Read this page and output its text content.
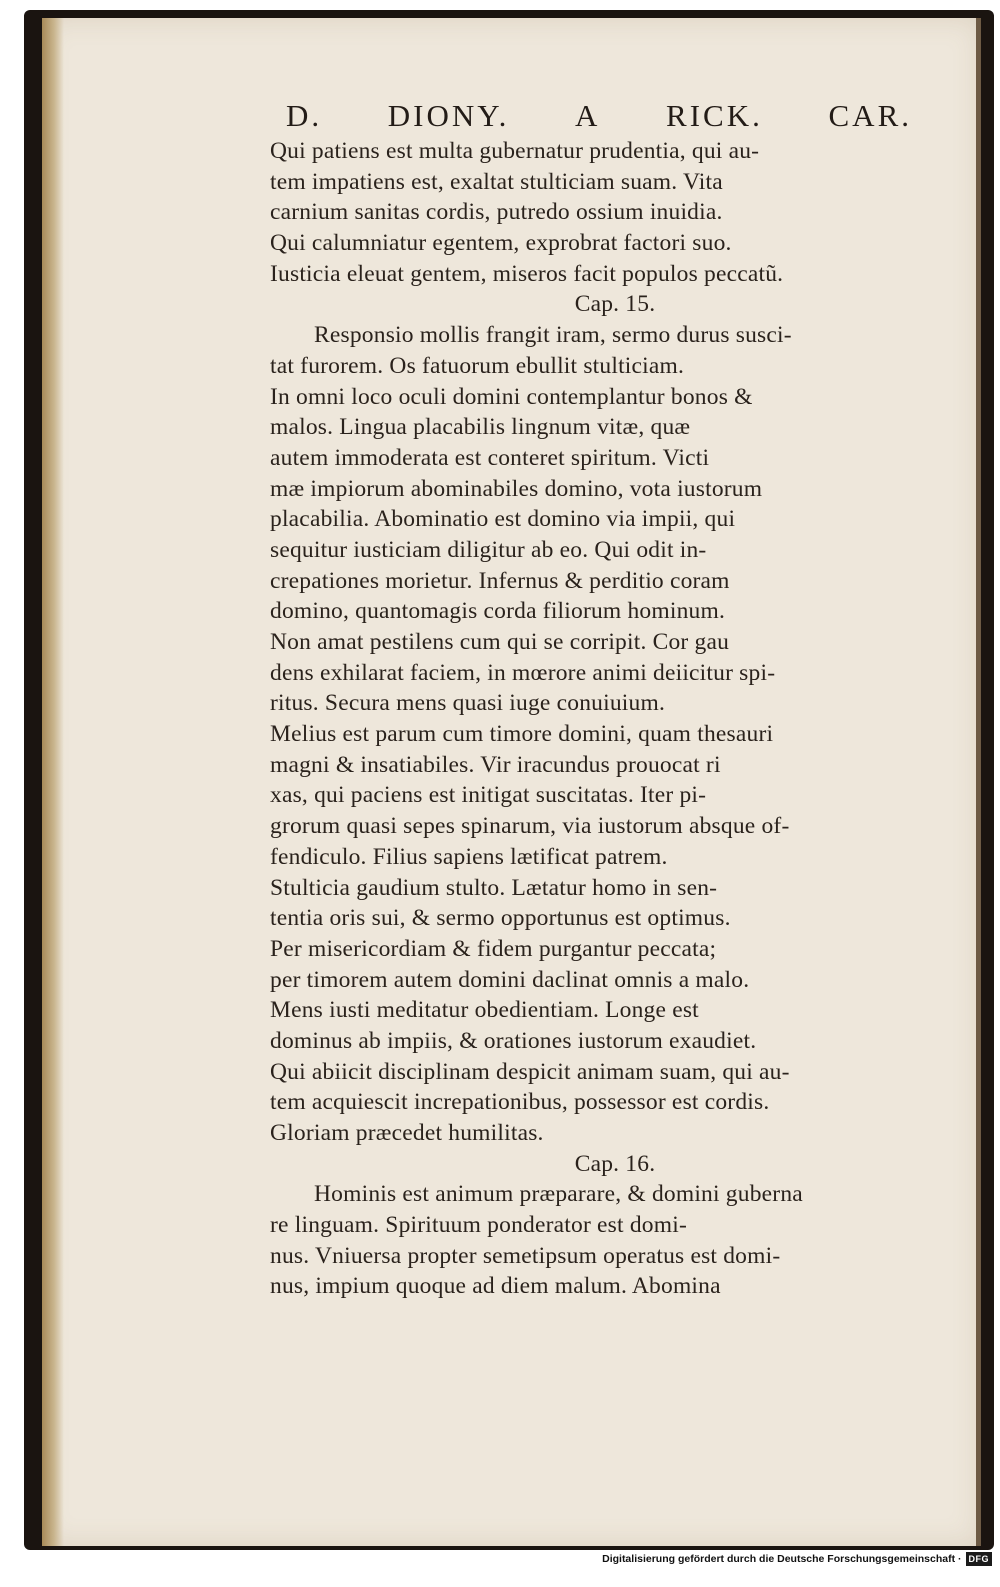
D. DIONY. A RICK. CAR.
Qui patiens est multa gubernatur prudentia, qui au-
tem impatiens est, exaltat stulticiam suam. Vita
carnium sanitas cordis, putredo ossium inuidia.
Qui calumniatur egentem, exprobrat factori suo.
Iusticia eleuat gentem, miseros facit populos peccatũ.
Cap. 15.
Responsio mollis frangit iram, sermo durus susci-
tat furorem. Os fatuorum ebullit stulticiam.
In omni loco oculi domini contemplantur bonos &
malos. Lingua placabilis lingnum vitæ, quæ
autem immoderata est conteret spiritum. Victi
mæ impiorum abominabiles domino, vota iustorum
placabilia. Abominatio est domino via impii, qui
sequitur iusticiam diligitur ab eo. Qui odit in-
crepationes morietur. Infernus & perditio coram
domino, quantomagis corda filiorum hominum.
Non amat pestilens cum qui se corripit. Cor gau
dens exhilarat faciem, in mœrore animi deiicitur spi-
ritus. Secura mens quasi iuge conuiuium.
Melius est parum cum timore domini, quam thesauri
magni & insatiabiles. Vir iracundus prouocat ri
xas, qui paciens est initigat suscitatas. Iter pi-
grorum quasi sepes spinarum, via iustorum absque of-
fendiculo. Filius sapiens lætificat patrem.
Stulticia gaudium stulto. Lætatur homo in sen-
tentia oris sui, & sermo opportunus est optimus.
Per misericordiam & fidem purgantur peccata;
per timorem autem domini daclinat omnis a malo.
Mens iusti meditatur obedientiam. Longe est
dominus ab impiis, & orationes iustorum exaudiet.
Qui abiicit disciplinam despicit animam suam, qui au-
tem acquiescit increpationibus, possessor est cordis.
Gloriam præcedet humilitas.
Cap. 16.
Hominis est animum præparare, & domini guberna
re linguam. Spirituum ponderator est domi-
nus. Vniuersa propter semetipsum operatus est domi-
nus, impium quoque ad diem malum. Abomina
Digitalisierung gefördert durch die Deutsche Forschungsgemeinschaft · DFG
